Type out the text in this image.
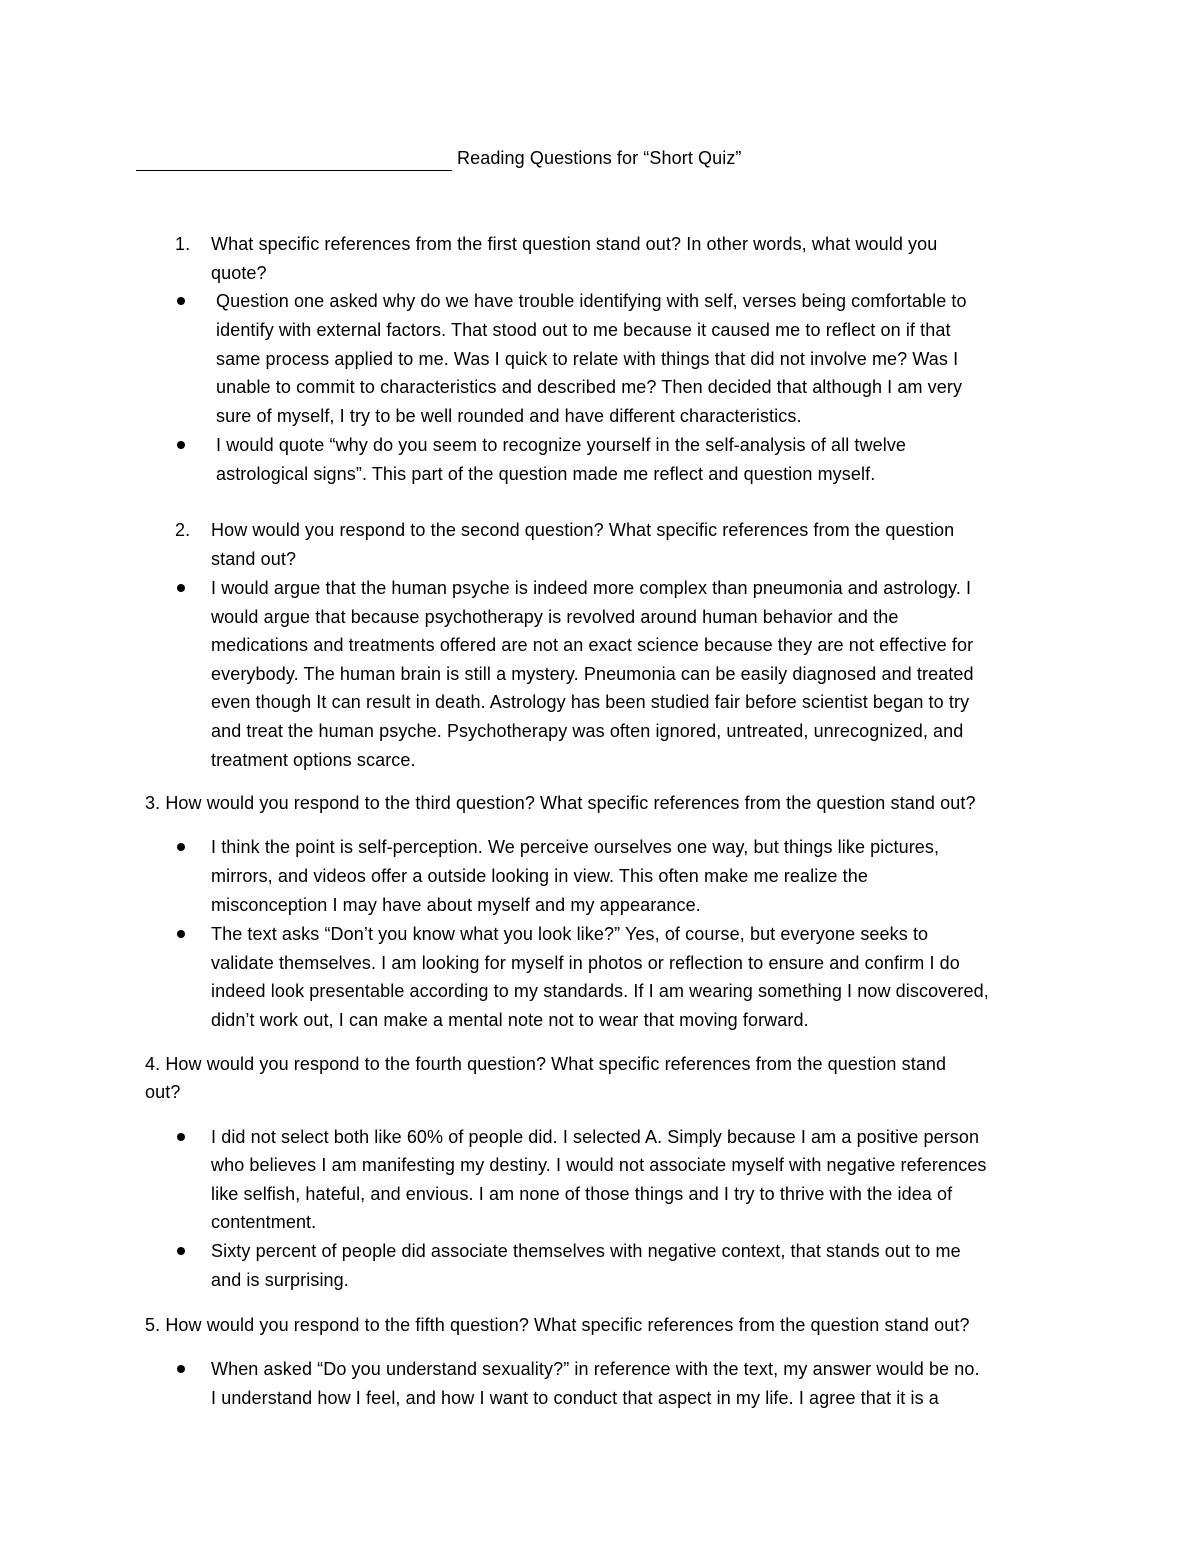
Reading Questions for “Short Quiz”
1. What specific references from the first question stand out? In other words, what would you
quote?
Question one asked why do we have trouble identifying with self, verses being comfortable to
identify with external factors. That stood out to me because it caused me to reflect on if that
same process applied to me. Was I quick to relate with things that did not involve me? Was I
unable to commit to characteristics and described me? Then decided that although I am very
sure of myself, I try to be well rounded and have different characteristics.
I would quote “why do you seem to recognize yourself in the self-analysis of all twelve
astrological signs”. This part of the question made me reflect and question myself.
2. How would you respond to the second question? What specific references from the question
stand out?
I would argue that the human psyche is indeed more complex than pneumonia and astrology. I
would argue that because psychotherapy is revolved around human behavior and the
medications and treatments offered are not an exact science because they are not effective for
everybody. The human brain is still a mystery. Pneumonia can be easily diagnosed and treated
even though It can result in death. Astrology has been studied fair before scientist began to try
and treat the human psyche. Psychotherapy was often ignored, untreated, unrecognized, and
treatment options scarce.
3. How would you respond to the third question? What specific references from the question stand out?
I think the point is self-perception. We perceive ourselves one way, but things like pictures,
mirrors, and videos offer a outside looking in view. This often make me realize the
misconception I may have about myself and my appearance.
The text asks “Don’t you know what you look like?” Yes, of course, but everyone seeks to
validate themselves. I am looking for myself in photos or reflection to ensure and confirm I do
indeed look presentable according to my standards. If I am wearing something I now discovered,
didn’t work out, I can make a mental note not to wear that moving forward.
4. How would you respond to the fourth question? What specific references from the question stand
out?
I did not select both like 60% of people did. I selected A. Simply because I am a positive person
who believes I am manifesting my destiny. I would not associate myself with negative references
like selfish, hateful, and envious. I am none of those things and I try to thrive with the idea of
contentment.
Sixty percent of people did associate themselves with negative context, that stands out to me
and is surprising.
5. How would you respond to the fifth question? What specific references from the question stand out?
When asked “Do you understand sexuality?” in reference with the text, my answer would be no.
I understand how I feel, and how I want to conduct that aspect in my life. I agree that it is a
